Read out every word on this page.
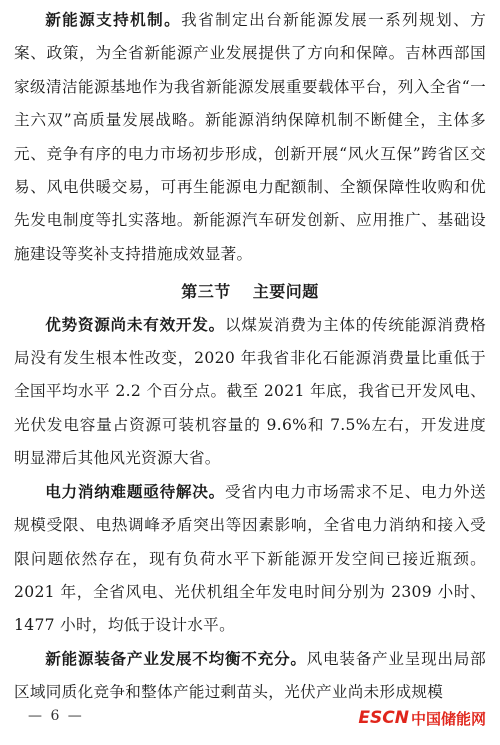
新能源支持机制。我省制定出台新能源发展一系列规划、方案、政策，为全省新能源产业发展提供了方向和保障。吉林西部国家级清洁能源基地作为我省新能源发展重要载体平台，列入全省“一主六双”高质量发展战略。新能源消纳保障机制不断健全，主体多元、竞争有序的电力市场初步形成，创新开展“风火互保”跨省区交易、风电供暖交易，可再生能源电力配额制、全额保障性收购和优先发电制度等扎实落地。新能源汽车研发创新、应用推广、基础设施建设等奖补支持措施成效显著。

第三节 主要问题

优势资源尚未有效开发。以煤炭消费为主体的传统能源消费格局没有发生根本性改变，2020 年我省非化石能源消费量比重低于全国平均水平 2.2 个百分点。截至 2021 年底，我省已开发风电、光伏发电容量占资源可装机容量的 9.6%和 7.5%左右，开发进度明显滞后其他风光资源大省。

电力消纳难题亟待解决。受省内电力市场需求不足、电力外送规模受限、电热调峰矛盾突出等因素影响，全省电力消纳和接入受限问题依然存在，现有负荷水平下新能源开发空间已接近瓶颈。2021 年，全省风电、光伏机组全年发电时间分别为 2309 小时、1477 小时，均低于设计水平。

新能源装备产业发展不均衡不充分。风电装备产业呈现出局部区域同质化竞争和整体产能过剩苗头，光伏产业尚未形成规模

— 6 —	ESCN 中国储能网
